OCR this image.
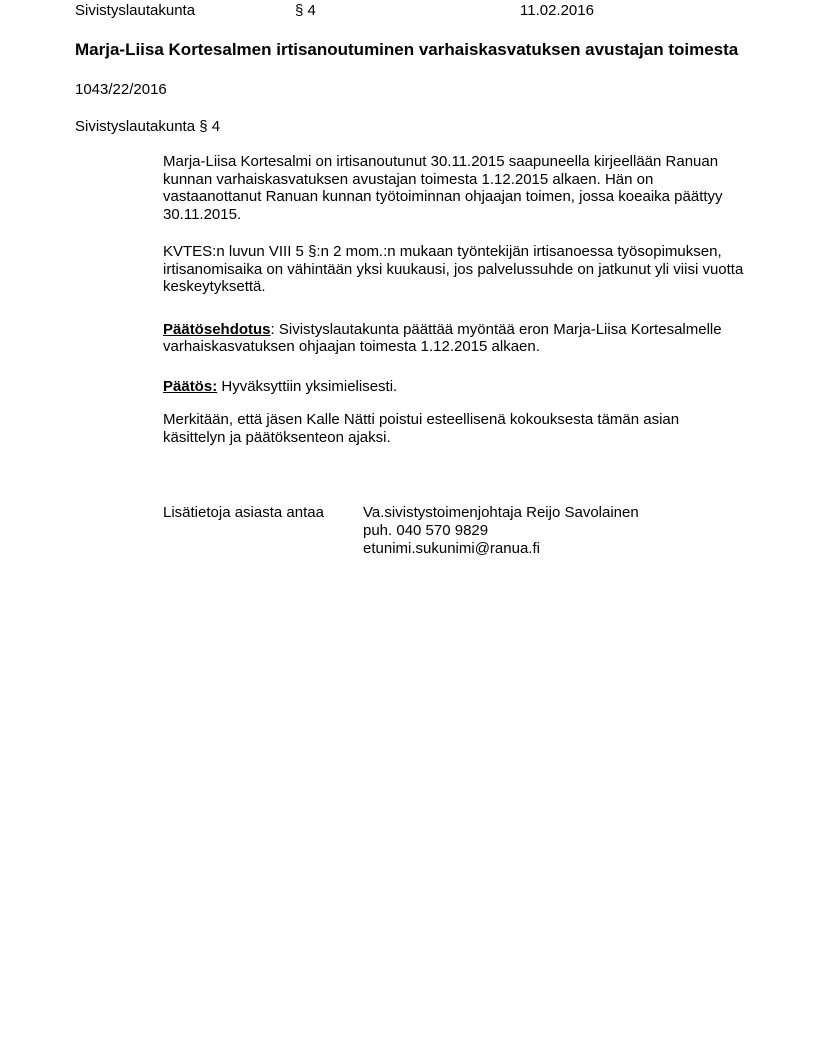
Sivistyslautakunta	§ 4	11.02.2016
Marja-Liisa Kortesalmen irtisanoutuminen varhaiskasvatuksen avustajan toimesta
1043/22/2016
Sivistyslautakunta § 4

Marja-Liisa Kortesalmi on irtisanoutunut 30.11.2015 saapuneella kirjeellään Ranuan kunnan varhaiskasvatuksen avustajan toimesta 1.12.2015 alkaen. Hän on vastaanottanut Ranuan kunnan työtoiminnan ohjaajan toimen, jossa koeaika päättyy 30.11.2015.

KVTES:n luvun VIII 5 §:n 2 mom.:n mukaan työntekijän irtisanoessa työsopimuksen, irtisanomisaika on vähintään yksi kuukausi, jos palvelussuhde on jatkunut yli viisi vuotta keskeytyksettä.

Päätösehdotus: Sivistyslautakunta päättää myöntää eron Marja-Liisa Kortesalmelle varhaiskasvatuksen ohjaajan toimesta 1.12.2015 alkaen.

Päätös: Hyväksyttiin yksimielisesti.

Merkitään, että jäsen Kalle Nätti poistui esteellisenä kokouksesta tämän asian käsittelyn ja päätöksenteon ajaksi.

Lisätietoja asiasta antaa	Va.sivistystoimenjohtaja Reijo Savolainen
puh. 040 570 9829
etunimi.sukunimi@ranua.fi
